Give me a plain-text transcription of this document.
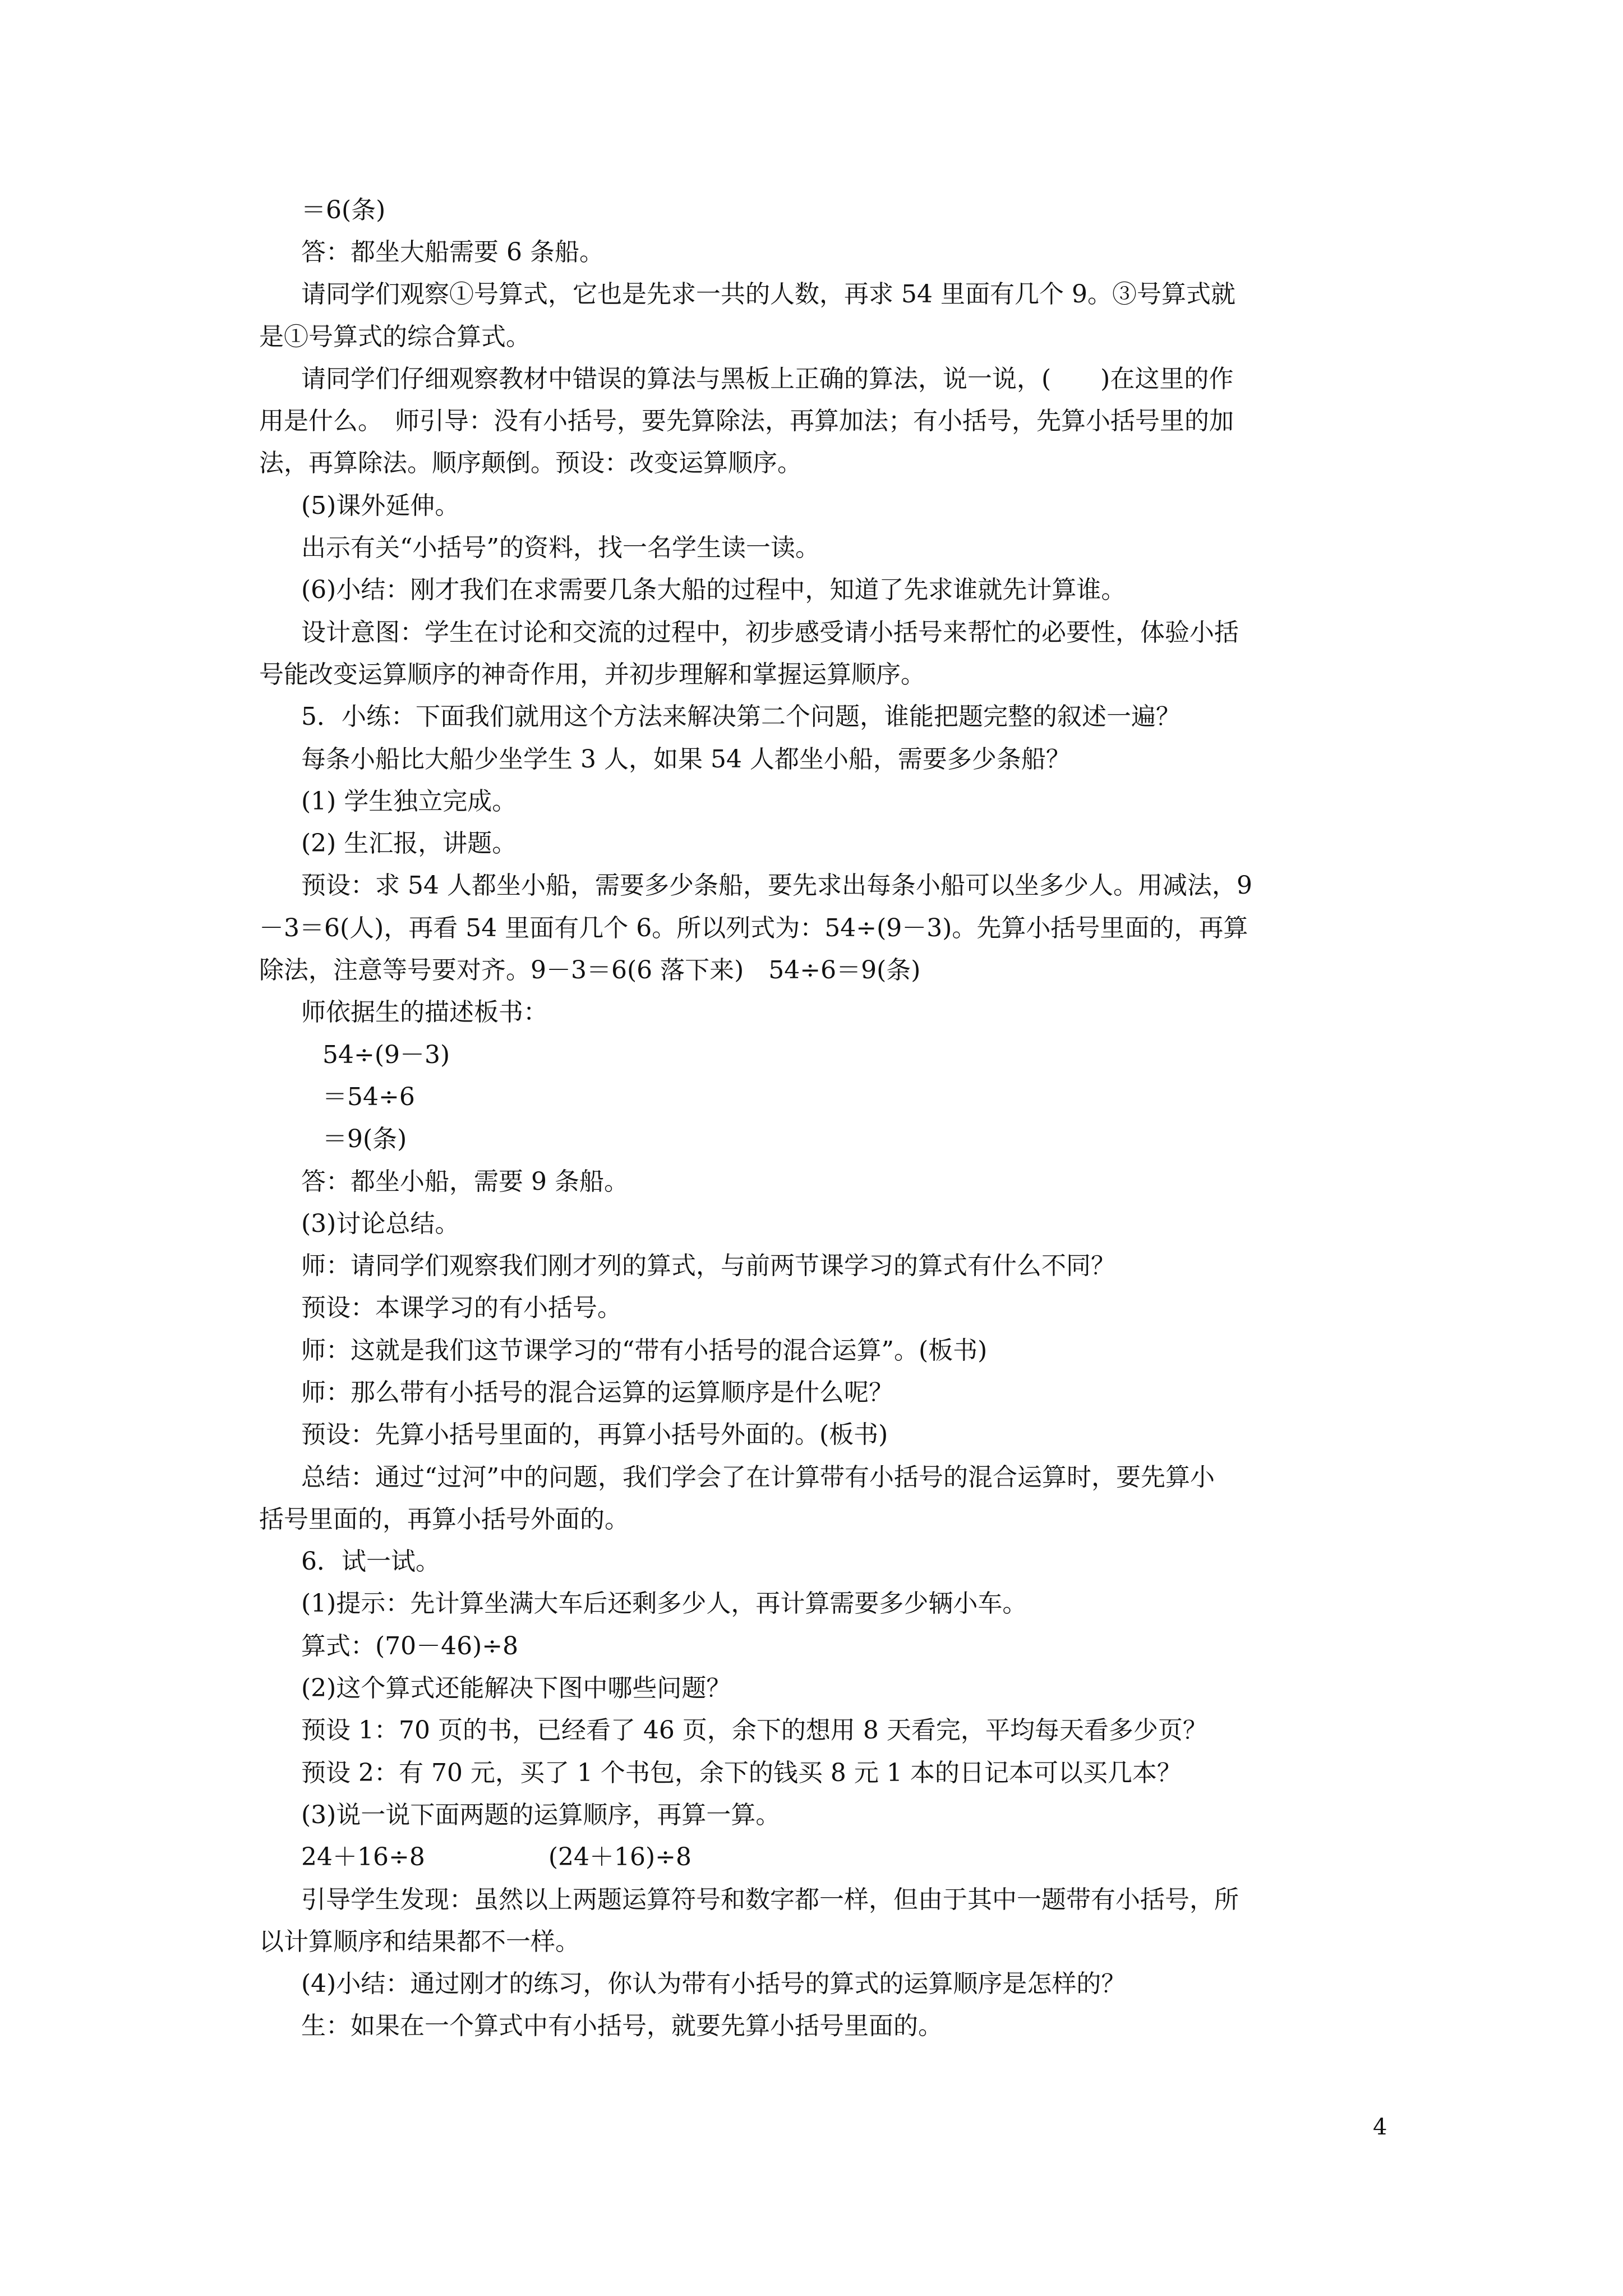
＝6(条)

答：都坐大船需要 6 条船。

请同学们观察①号算式，它也是先求一共的人数，再求 54 里面有几个 9。③号算式就

是①号算式的综合算式。

请同学们仔细观察教材中错误的算法与黑板上正确的算法，说一说，(　　)在这里的作

用是什么。　师引导：没有小括号，要先算除法，再算加法；有小括号，先算小括号里的加

法，再算除法。顺序颠倒。预设：改变运算顺序。

(5)课外延伸。

出示有关“小括号”的资料，找一名学生读一读。

(6)小结：刚才我们在求需要几条大船的过程中，知道了先求谁就先计算谁。

设计意图：学生在讨论和交流的过程中，初步感受请小括号来帮忙的必要性，体验小括

号能改变运算顺序的神奇作用，并初步理解和掌握运算顺序。

5．小练：下面我们就用这个方法来解决第二个问题，谁能把题完整的叙述一遍？

每条小船比大船少坐学生 3 人，如果 54 人都坐小船，需要多少条船？

(1) 学生独立完成。

(2) 生汇报，讲题。

预设：求 54 人都坐小船，需要多少条船，要先求出每条小船可以坐多少人。用减法，9

－3＝6(人)，再看 54 里面有几个 6。所以列式为：54÷(9－3)。先算小括号里面的，再算

除法，注意等号要对齐。9－3＝6(6 落下来)　54÷6＝9(条)

师依据生的描述板书：

54÷(9－3)

＝54÷6

＝9(条)

答：都坐小船，需要 9 条船。

(3)讨论总结。

师：请同学们观察我们刚才列的算式，与前两节课学习的算式有什么不同？

预设：本课学习的有小括号。

师：这就是我们这节课学习的“带有小括号的混合运算”。(板书)

师：那么带有小括号的混合运算的运算顺序是什么呢？

预设：先算小括号里面的，再算小括号外面的。(板书)

总结：通过“过河”中的问题，我们学会了在计算带有小括号的混合运算时，要先算小

括号里面的，再算小括号外面的。

6．试一试。

(1)提示：先计算坐满大车后还剩多少人，再计算需要多少辆小车。

算式：(70－46)÷8

(2)这个算式还能解决下图中哪些问题？

预设 1：70 页的书，已经看了 46 页，余下的想用 8 天看完，平均每天看多少页？

预设 2：有 70 元，买了 1 个书包，余下的钱买 8 元 1 本的日记本可以买几本？

(3)说一说下面两题的运算顺序，再算一算。

24＋16÷8　　　　　(24＋16)÷8

引导学生发现：虽然以上两题运算符号和数字都一样，但由于其中一题带有小括号，所

以计算顺序和结果都不一样。

(4)小结：通过刚才的练习，你认为带有小括号的算式的运算顺序是怎样的？

生：如果在一个算式中有小括号，就要先算小括号里面的。

4
